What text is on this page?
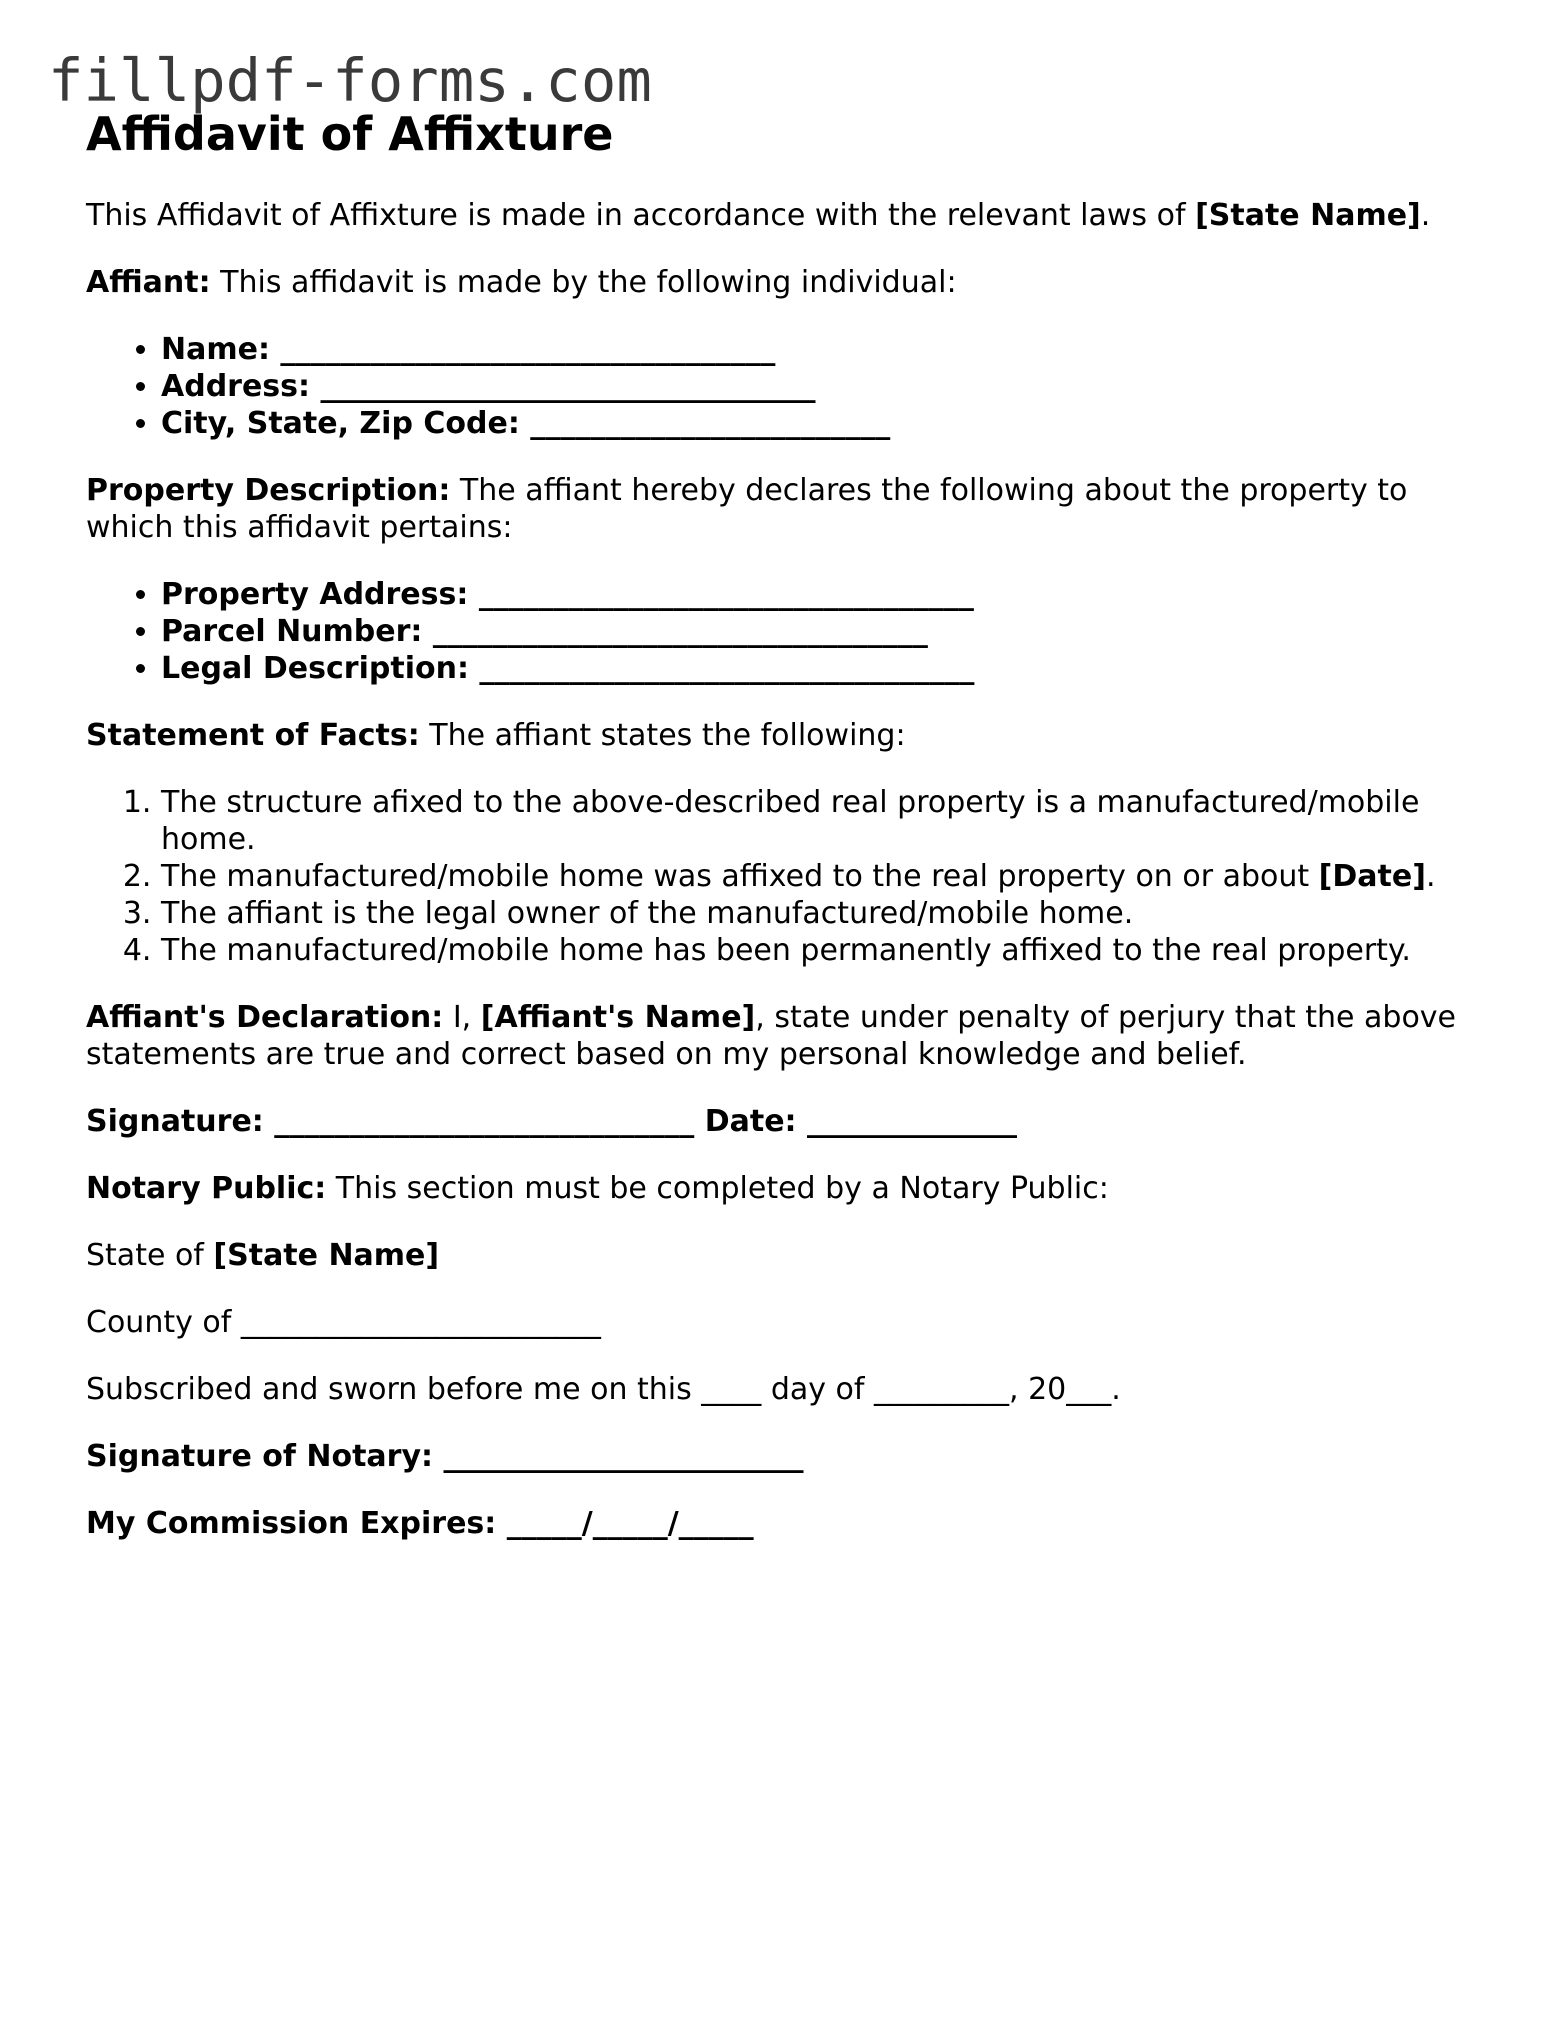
fillpdf-forms.com
Affidavit of Affixture

This Affidavit of Affixture is made in accordance with the relevant laws of [State Name].

Affiant: This affidavit is made by the following individual:

• Name: _________________________________
• Address: _________________________________
• City, State, Zip Code: ________________________

Property Description: The affiant hereby declares the following about the property to which this affidavit pertains:

• Property Address: _________________________________
• Parcel Number: _________________________________
• Legal Description: _________________________________

Statement of Facts: The affiant states the following:

1. The structure afixed to the above-described real property is a manufactured/mobile home.
2. The manufactured/mobile home was affixed to the real property on or about [Date].
3. The affiant is the legal owner of the manufactured/mobile home.
4. The manufactured/mobile home has been permanently affixed to the real property.

Affiant's Declaration: I, [Affiant's Name], state under penalty of perjury that the above statements are true and correct based on my personal knowledge and belief.

Signature: ____________________________ Date: ______________

Notary Public: This section must be completed by a Notary Public:

State of [State Name]

County of ________________________

Subscribed and sworn before me on this ____ day of _________, 20___.

Signature of Notary: ________________________

My Commission Expires: _____/_____/_____
